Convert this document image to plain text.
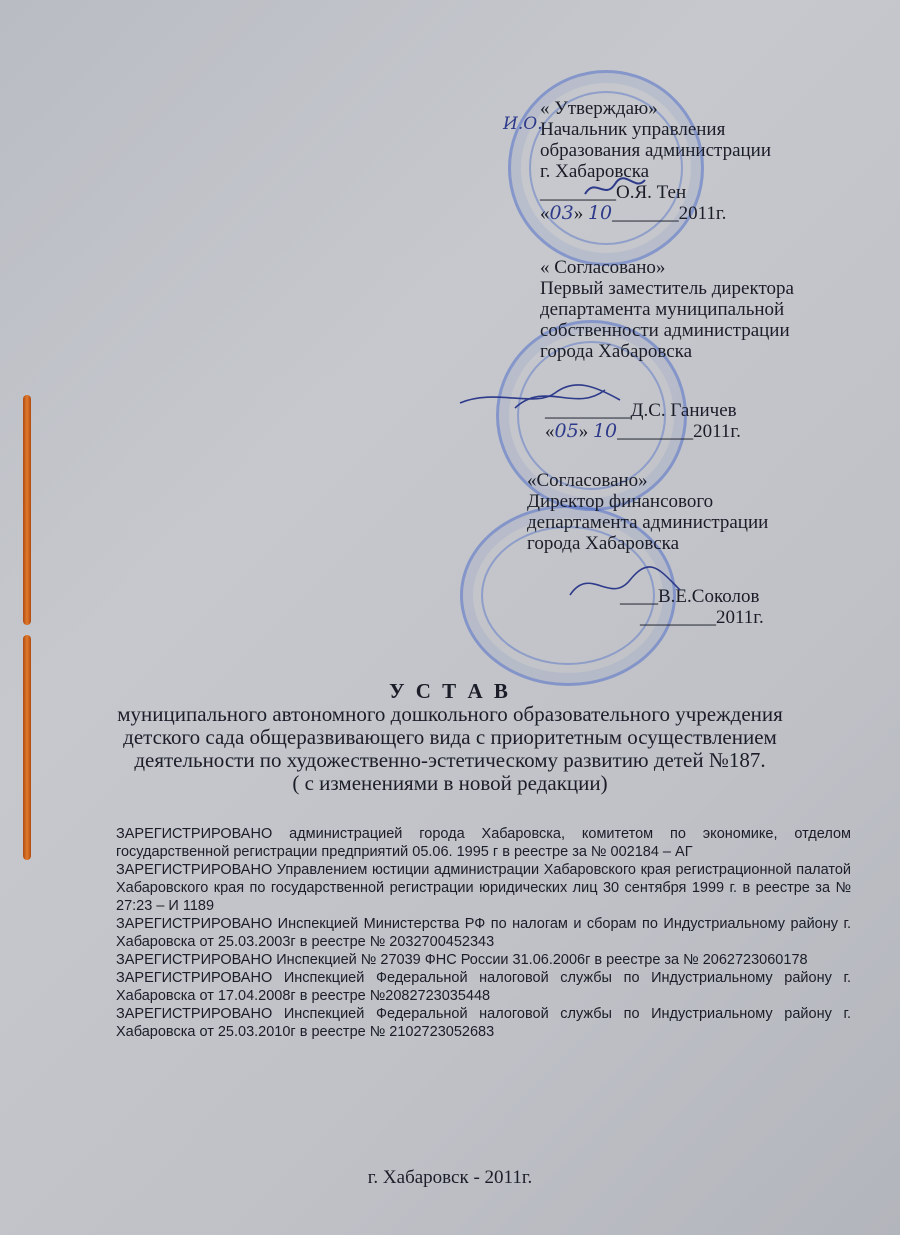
« Утверждаю»
Начальник управления
образования администрации
г. Хабаровска
________О.Я. Тен
«03» 10_______2011г.
И.О.
« Согласовано»
Первый заместитель директора
департамента муниципальной
собственности администрации
города Хабаровска
_________Д.С. Ганичев
«05» 10________2011г.
«Согласовано»
Директор финансового
департамента администрации
города Хабаровска
____В.Е.Соколов
________2011г.
У С Т А В
муниципального автономного дошкольного образовательного учреждения
детского сада общеразвивающего вида с приоритетным осуществлением
деятельности по художественно-эстетическому развитию детей №187.
( с изменениями в новой редакции)

ЗАРЕГИСТРИРОВАНО администрацией города Хабаровска, комитетом по экономике, отделом государственной регистрации предприятий 05.06. 1995 г в реестре за № 002184 – АГ

ЗАРЕГИСТРИРОВАНО Управлением юстиции администрации Хабаровского края регистрационной палатой Хабаровского края по государственной регистрации юридических лиц 30 сентября 1999 г. в реестре за № 27:23 – И 1189

ЗАРЕГИСТРИРОВАНО Инспекцией Министерства РФ по налогам и сборам по Индустриальному району г. Хабаровска от 25.03.2003г в реестре № 2032700452343

ЗАРЕГИСТРИРОВАНО Инспекцией № 27039 ФНС России 31.06.2006г в реестре за № 2062723060178

ЗАРЕГИСТРИРОВАНО Инспекцией Федеральной налоговой службы по Индустриальному району г. Хабаровска от 17.04.2008г в реестре №2082723035448

ЗАРЕГИСТРИРОВАНО Инспекцией Федеральной налоговой службы по Индустриальному району г. Хабаровска от 25.03.2010г в реестре № 2102723052683

г. Хабаровск - 2011г.
